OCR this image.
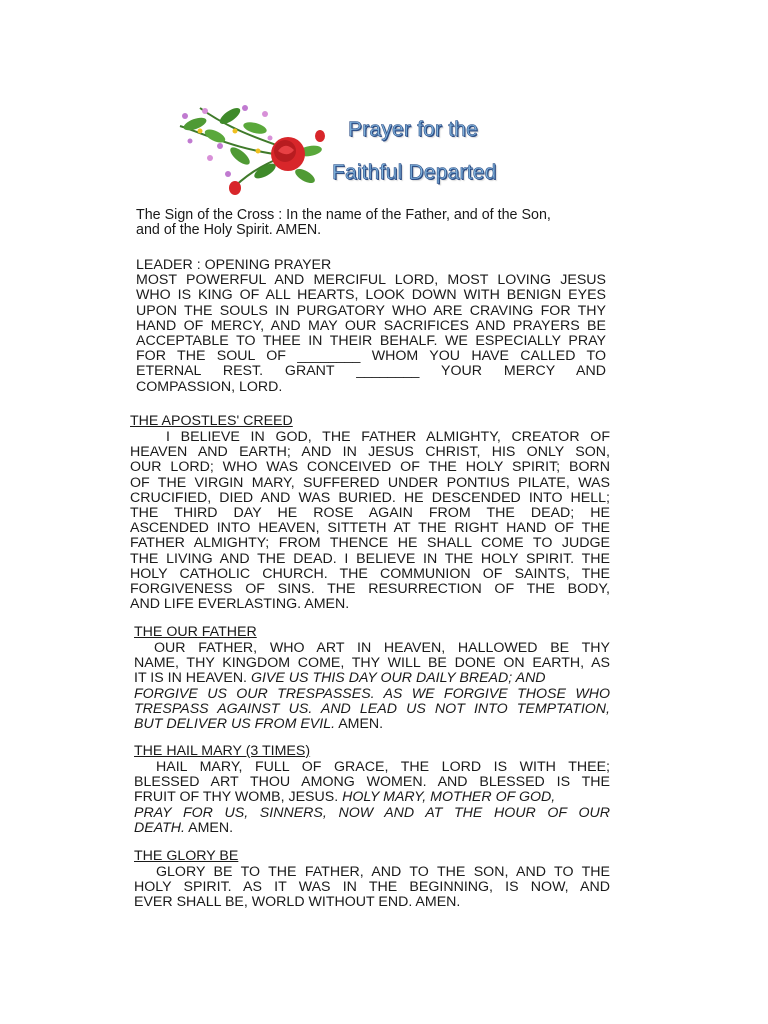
Prayer for the
Faithful Departed
The Sign of the Cross : In the name of the Father, and of the Son,
and of the Holy Spirit. AMEN.
LEADER : OPENING PRAYER
MOST POWERFUL AND MERCIFUL LORD, MOST LOVING JESUS
WHO IS KING OF ALL HEARTS, LOOK DOWN WITH BENIGN EYES
UPON THE SOULS IN PURGATORY WHO ARE CRAVING FOR THY
HAND OF MERCY, AND MAY OUR SACRIFICES AND PRAYERS BE
ACCEPTABLE TO THEE IN THEIR BEHALF. WE ESPECIALLY PRAY
FOR THE SOUL OF ________ WHOM YOU HAVE CALLED TO
ETERNAL REST. GRANT ________ YOUR MERCY AND
COMPASSION, LORD.
THE APOSTLES' CREED
I BELIEVE IN GOD, THE FATHER ALMIGHTY, CREATOR OF
HEAVEN AND EARTH; AND IN JESUS CHRIST, HIS ONLY SON,
OUR LORD; WHO WAS CONCEIVED OF THE HOLY SPIRIT; BORN
OF THE VIRGIN MARY, SUFFERED UNDER PONTIUS PILATE, WAS
CRUCIFIED, DIED AND WAS BURIED. HE DESCENDED INTO HELL;
THE THIRD DAY HE ROSE AGAIN FROM THE DEAD; HE
ASCENDED INTO HEAVEN, SITTETH AT THE RIGHT HAND OF THE
FATHER ALMIGHTY; FROM THENCE HE SHALL COME TO JUDGE
THE LIVING AND THE DEAD. I BELIEVE IN THE HOLY SPIRIT. THE
HOLY CATHOLIC CHURCH. THE COMMUNION OF SAINTS, THE
FORGIVENESS OF SINS. THE RESURRECTION OF THE BODY,
AND LIFE EVERLASTING. AMEN.
THE OUR FATHER
OUR FATHER, WHO ART IN HEAVEN, HALLOWED BE THY
NAME, THY KINGDOM COME, THY WILL BE DONE ON EARTH, AS
IT IS IN HEAVEN. GIVE US THIS DAY OUR DAILY BREAD; AND
FORGIVE US OUR TRESPASSES. AS WE FORGIVE THOSE WHO
TRESPASS AGAINST US. AND LEAD US NOT INTO TEMPTATION,
BUT DELIVER US FROM EVIL. AMEN.
THE HAIL MARY (3 TIMES)
HAIL MARY, FULL OF GRACE, THE LORD IS WITH THEE;
BLESSED ART THOU AMONG WOMEN. AND BLESSED IS THE
FRUIT OF THY WOMB, JESUS. HOLY MARY, MOTHER OF GOD,
PRAY FOR US, SINNERS, NOW AND AT THE HOUR OF OUR
DEATH. AMEN.
THE GLORY BE
GLORY BE TO THE FATHER, AND TO THE SON, AND TO THE
HOLY SPIRIT. AS IT WAS IN THE BEGINNING, IS NOW, AND
EVER SHALL BE, WORLD WITHOUT END. AMEN.
